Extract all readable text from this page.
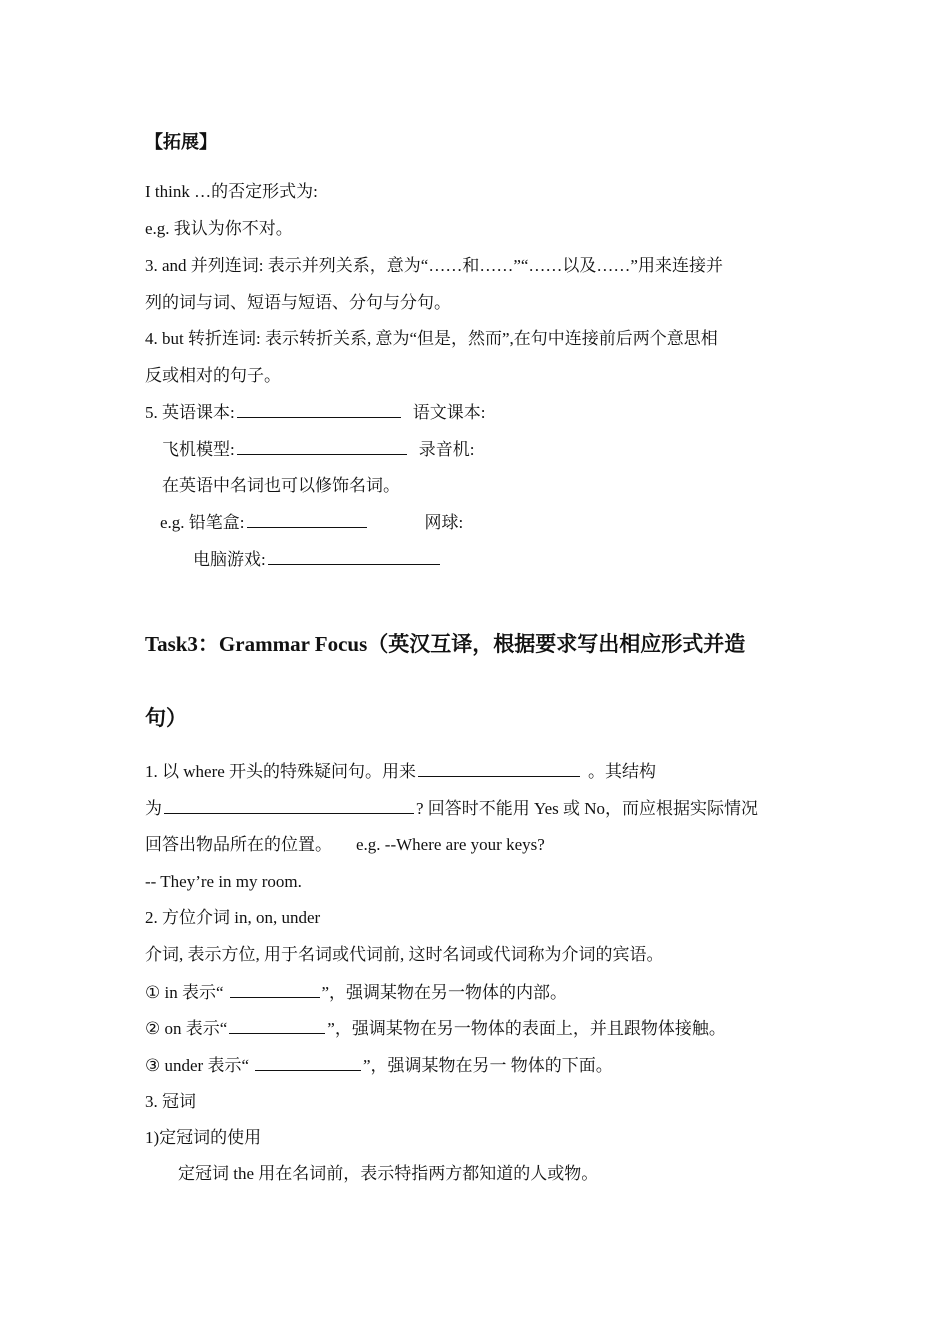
【拓展】
I think …的否定形式为:
e.g. 我认为你不对。
3. and 并列连词: 表示并列关系，意为“……和……”“……以及……”用来连接并
列的词与词、短语与短语、分句与分句。
4. but 转折连词: 表示转折关系, 意为“但是，然而”,在句中连接前后两个意思相
反或相对的句子。
5. 英语课本:	语文课本:
飞机模型:	录音机:
在英语中名词也可以修饰名词。
e.g. 铅笔盒:	网球:
电脑游戏:
Task3：Grammar Focus（英汉互译，根据要求写出相应形式并造
句）
1. 以 where 开头的特殊疑问句。用来	。其结构
为	? 回答时不能用 Yes 或 No，而应根据实际情况
回答出物品所在的位置。 e.g. --Where are your keys?
-- They’re in my room.
2. 方位介词 in, on, under
介词, 表示方位, 用于名词或代词前, 这时名词或代词称为介词的宾语。
① in 表示“	”，强调某物在另一物体的内部。
② on 表示“	”，强调某物在另一物体的表面上，并且跟物体接触。
③ under 表示“	”，强调某物在另一 物体的下面。
3. 冠词
1)定冠词的使用
定冠词 the 用在名词前，表示特指两方都知道的人或物。
